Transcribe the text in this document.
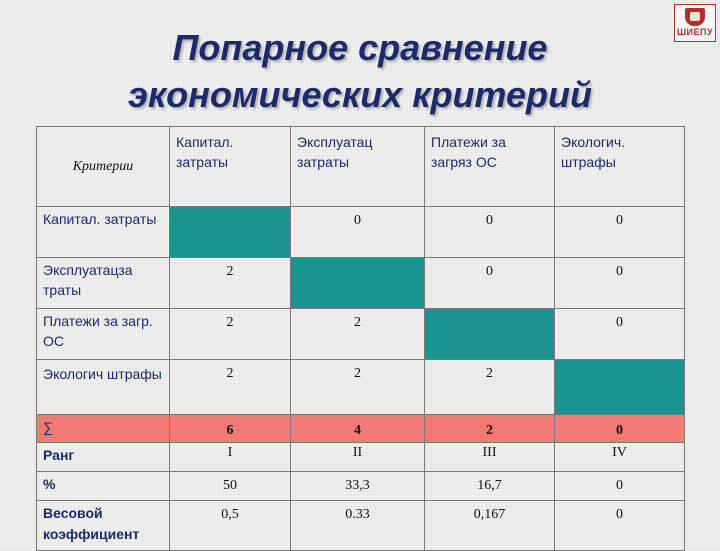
Попарное сравнение
экономических критерий
ШИЕПУ
Критерии	Капитал. затраты	Эксплуатац затраты	Платежи за загряз ОС	Экологич. штрафы
Капитал. затраты		0	0	0
Эксплуатацза траты	2		0	0
Платежи за загр. ОС	2	2		0
Экологич штрафы	2	2	2	
∑	6	4	2	0
Ранг	I	II	III	IV
%	50	33,3	16,7	0
Весовой коэффициент	0,5	0.33	0,167	0
